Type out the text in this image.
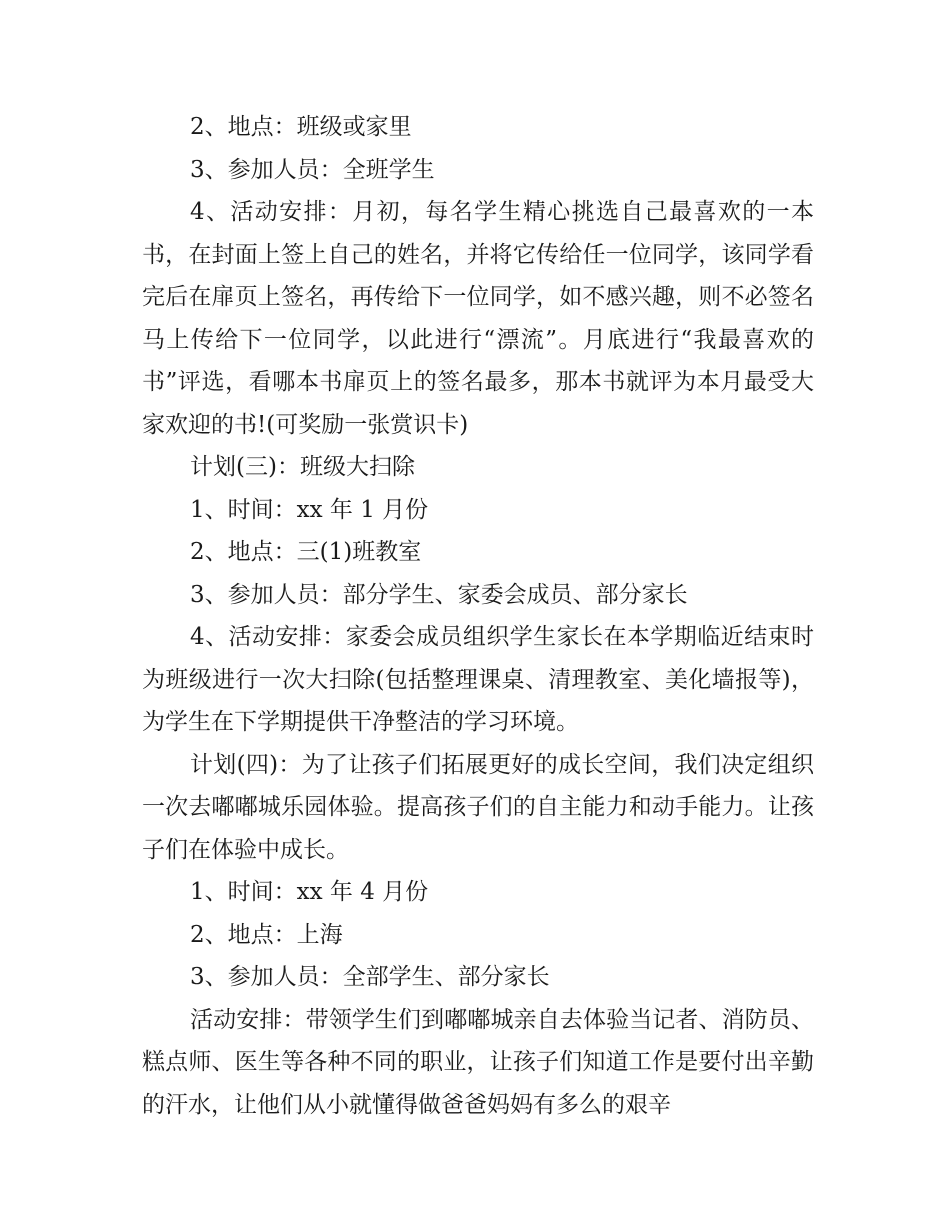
2、地点：班级或家里

3、参加人员：全班学生

4、活动安排：月初，每名学生精心挑选自己最喜欢的一本书，在封面上签上自己的姓名，并将它传给任一位同学，该同学看完后在扉页上签名，再传给下一位同学，如不感兴趣，则不必签名马上传给下一位同学，以此进行“漂流”。月底进行“我最喜欢的书”评选，看哪本书扉页上的签名最多，那本书就评为本月最受大家欢迎的书!(可奖励一张赏识卡)

计划(三)：班级大扫除

1、时间：xx 年 1 月份

2、地点：三(1)班教室

3、参加人员：部分学生、家委会成员、部分家长

4、活动安排：家委会成员组织学生家长在本学期临近结束时为班级进行一次大扫除(包括整理课桌、清理教室、美化墙报等)，为学生在下学期提供干净整洁的学习环境。

计划(四)：为了让孩子们拓展更好的成长空间，我们决定组织一次去嘟嘟城乐园体验。提高孩子们的自主能力和动手能力。让孩子们在体验中成长。

1、时间：xx 年 4 月份

2、地点：上海

3、参加人员：全部学生、部分家长

活动安排：带领学生们到嘟嘟城亲自去体验当记者、消防员、糕点师、医生等各种不同的职业，让孩子们知道工作是要付出辛勤的汗水，让他们从小就懂得做爸爸妈妈有多么的艰辛
